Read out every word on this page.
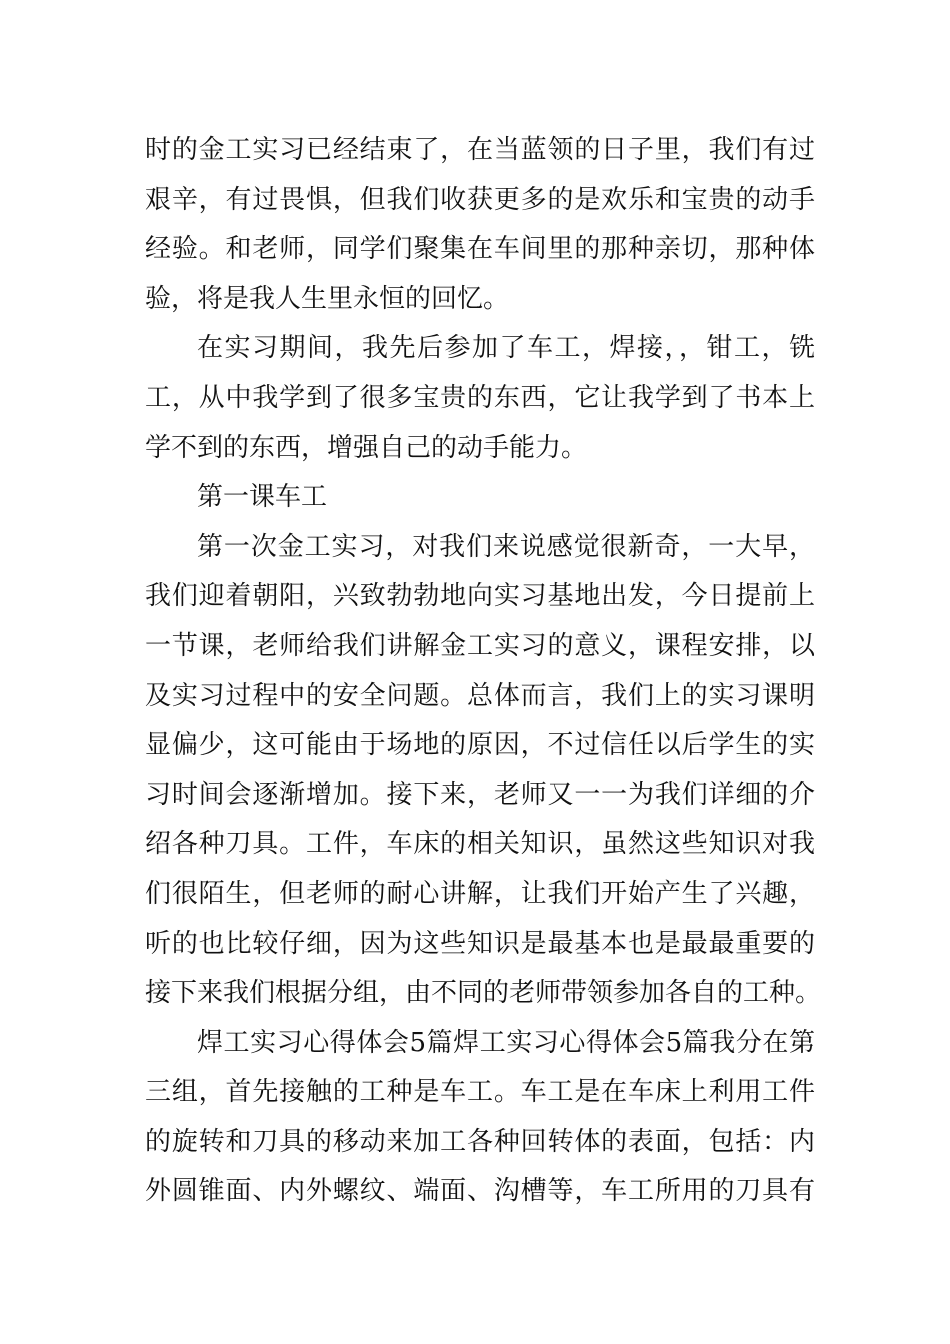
时的金工实习已经结束了，在当蓝领的日子里，我们有过
艰辛，有过畏惧，但我们收获更多的是欢乐和宝贵的动手
经验。和老师，同学们聚集在车间里的那种亲切，那种体
验，将是我人生里永恒的回忆。
在实习期间，我先后参加了车工，焊接，，钳工，铣
工，从中我学到了很多宝贵的东西，它让我学到了书本上
学不到的东西，增强自己的动手能力。
第一课车工
第一次金工实习，对我们来说感觉很新奇，一大早，
我们迎着朝阳，兴致勃勃地向实习基地出发，今日提前上
一节课，老师给我们讲解金工实习的意义，课程安排，以
及实习过程中的安全问题。总体而言，我们上的实习课明
显偏少，这可能由于场地的原因，不过信任以后学生的实
习时间会逐渐增加。接下来，老师又一一为我们详细的介
绍各种刀具。工件，车床的相关知识，虽然这些知识对我
们很陌生，但老师的耐心讲解，让我们开始产生了兴趣，
听的也比较仔细，因为这些知识是最基本也是最最重要的
接下来我们根据分组，由不同的老师带领参加各自的工种。
焊工实习心得体会5篇焊工实习心得体会5篇我分在第
三组，首先接触的工种是车工。车工是在车床上利用工件
的旋转和刀具的移动来加工各种回转体的表面，包括：内
外圆锥面、内外螺纹、端面、沟槽等，车工所用的刀具有
